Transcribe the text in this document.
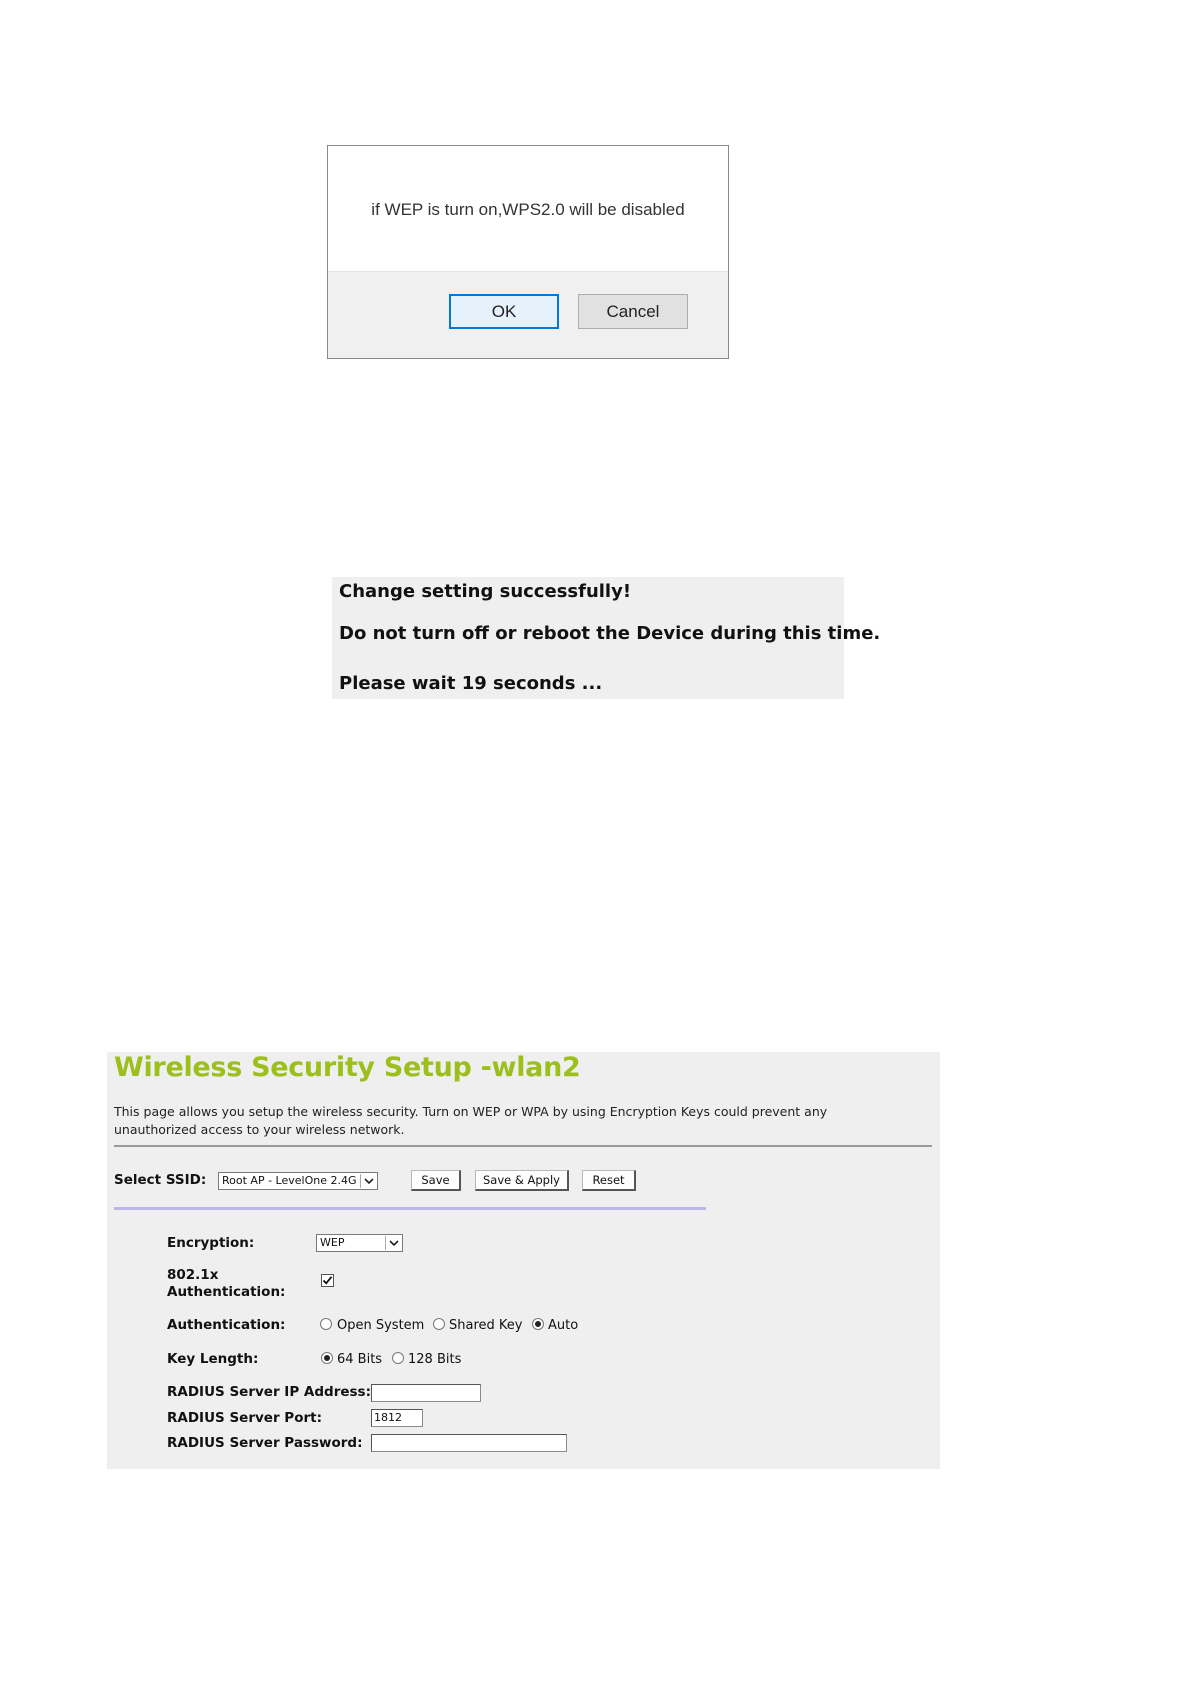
if WEP is turn on,WPS2.0 will be disabled
OK	Cancel
Change setting successfully!
Do not turn off or reboot the Device during this time.
Please wait 19 seconds ...
Wireless Security Setup -wlan2
This page allows you setup the wireless security. Turn on WEP or WPA by using Encryption Keys could prevent any unauthorized access to your wireless network.
Select SSID:	Root AP - LevelOne 2.4G	Save	Save & Apply	Reset
Encryption:	WEP
802.1x
Authentication:
Authentication:	Open System Shared Key Auto
Key Length:	64 Bits 128 Bits
RADIUS Server IP Address:
RADIUS Server Port:	1812
RADIUS Server Password:
